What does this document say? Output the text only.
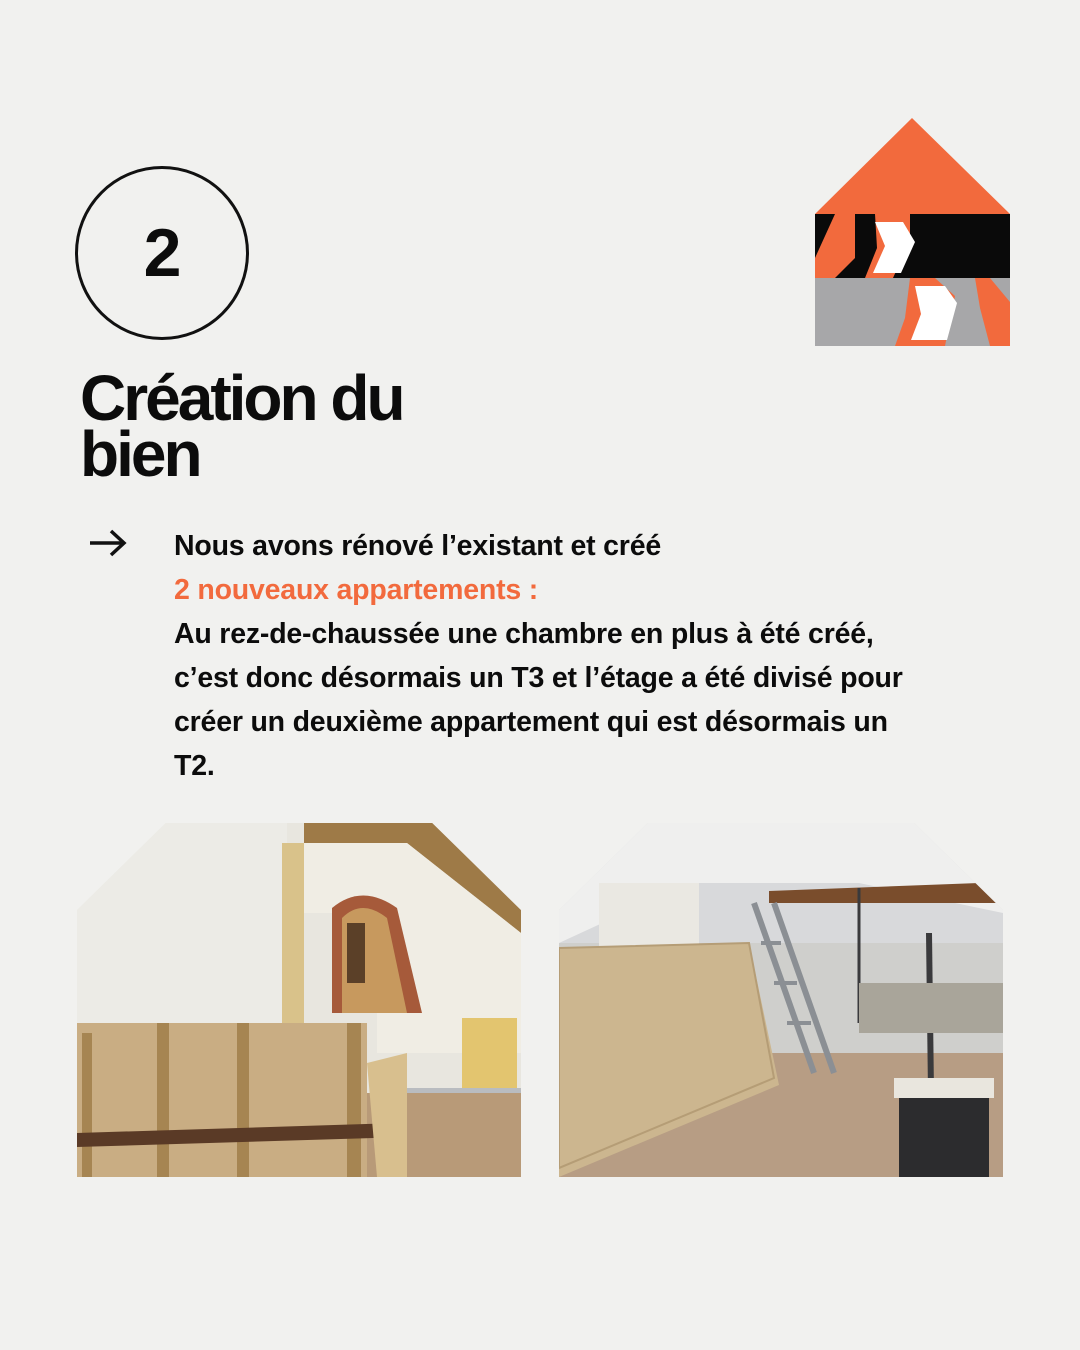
2
Création du
bien
Nous avons rénové l’existant et créé
2 nouveaux appartements :
Au rez-de-chaussée une chambre en plus à été créé,
c’est donc désormais un T3 et l’étage a été divisé pour
créer un deuxième appartement qui est désormais un
T2.
